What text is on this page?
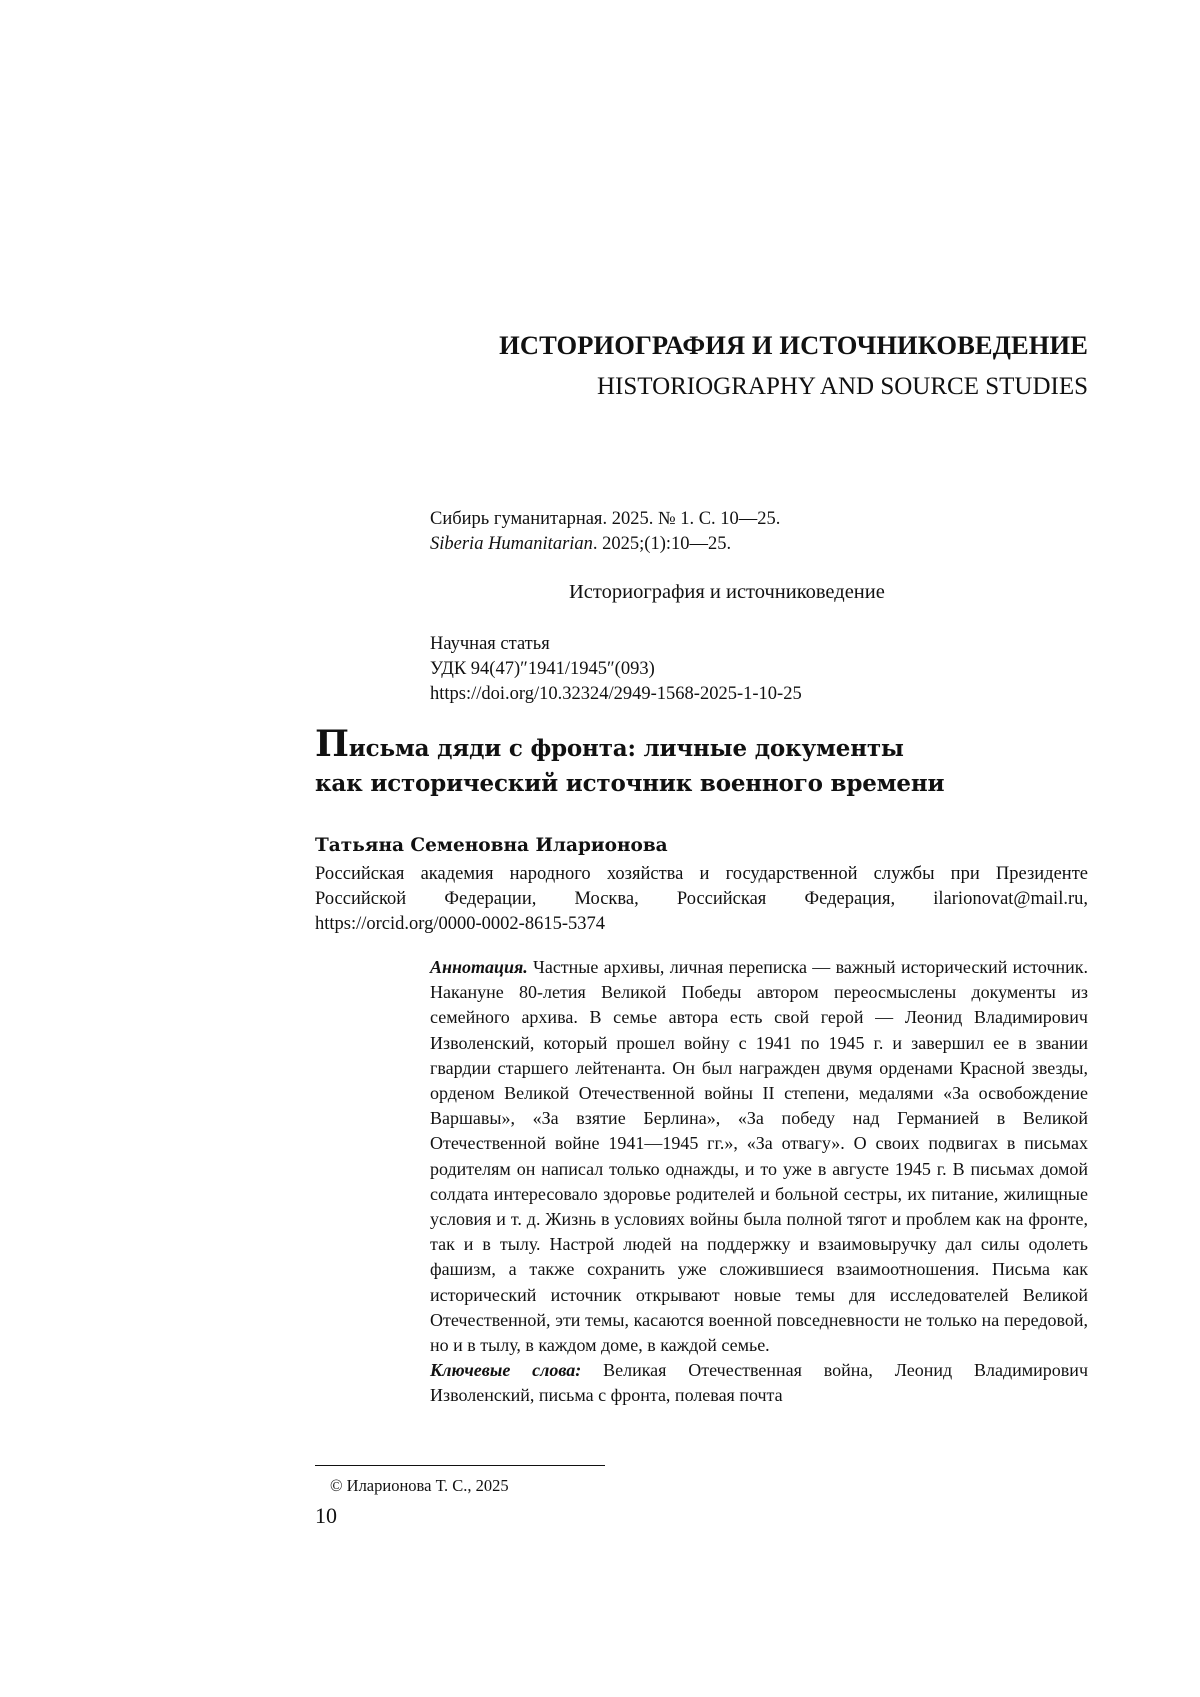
ИСТОРИОГРАФИЯ И ИСТОЧНИКОВЕДЕНИЕ
HISTORIOGRAPHY AND SOURCE STUDIES
Сибирь гуманитарная. 2025. № 1. С. 10—25.
Siberia Humanitarian. 2025;(1):10—25.
Историография и источниковедение
Научная статья
УДК 94(47)″1941/1945″(093)
https://doi.org/10.32324/2949-1568-2025-1-10-25
Письма дяди с фронта: личные документы
как исторический источник военного времени
Татьяна Семеновна Иларионова
Российская академия народного хозяйства и государственной службы при Президенте Российской Федерации, Москва, Российская Федерация, ilarionovat@mail.ru, https://orcid.org/0000-0002-8615-5374
Аннотация. Частные архивы, личная переписка — важный исторический источник. Накануне 80-летия Великой Победы автором переосмыслены документы из семейного архива. В семье автора есть свой герой — Леонид Владимирович Изволенский, который прошел войну с 1941 по 1945 г. и завершил ее в звании гвардии старшего лейтенанта. Он был награжден двумя орденами Красной звезды, орденом Великой Отечественной войны II степени, медалями «За освобождение Варшавы», «За взятие Берлина», «За победу над Германией в Великой Отечественной войне 1941—1945 гг.», «За отвагу». О своих подвигах в письмах родителям он написал только однажды, и то уже в августе 1945 г. В письмах домой солдата интересовало здоровье родителей и больной сестры, их питание, жилищные условия и т. д. Жизнь в условиях войны была полной тягот и проблем как на фронте, так и в тылу. Настрой людей на поддержку и взаимовыручку дал силы одолеть фашизм, а также сохранить уже сложившиеся взаимоотношения. Письма как исторический источник открывают новые темы для исследователей Великой Отечественной, эти темы, касаются военной повседневности не только на передовой, но и в тылу, в каждом доме, в каждой семье.
Ключевые слова: Великая Отечественная война, Леонид Владимирович Изволенский, письма с фронта, полевая почта
© Иларионова Т. С., 2025
10
